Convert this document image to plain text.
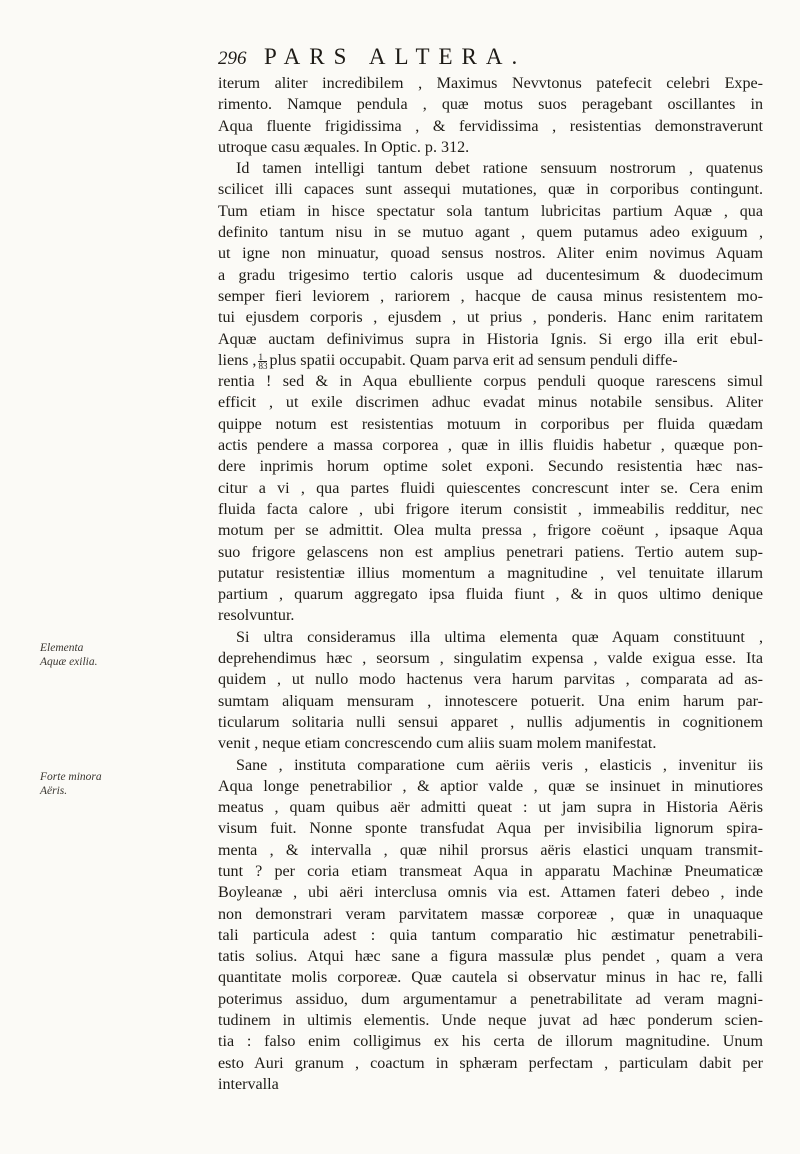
296 PARS ALTERA.
Elementa Aquæ exilia.
Forte minora Aëris.
iterum aliter incredibilem , Maximus Nevvtonus patefecit celebri Expe-
rimento. Namque pendula , quæ motus suos peragebant oscillantes in
Aqua fluente frigidissima , & fervidissima , resistentias demonstraverunt
utroque casu æquales. In Optic. p. 312.
Id tamen intelligi tantum debet ratione sensuum nostrorum , quatenus
scilicet illi capaces sunt assequi mutationes, quæ in corporibus contingunt.
Tum etiam in hisce spectatur sola tantum lubricitas partium Aquæ , qua
definito tantum nisu in se mutuo agant , quem putamus adeo exiguum ,
ut igne non minuatur, quoad sensus nostros. Aliter enim novimus Aquam
a gradu trigesimo tertio caloris usque ad ducentesimum & duodecimum
semper fieri leviorem , rariorem , hacque de causa minus resistentem mo-
tui ejusdem corporis , ejusdem , ut prius , ponderis. Hanc enim raritatem
Aquæ auctam definivimus supra in Historia Ignis. Si ergo illa erit ebul-
liens , $\frac{1}{83}$ plus spatii occupabit. Quam parva erit ad sensum penduli diffe-
rentia ! sed & in Aqua ebulliente corpus penduli quoque rarescens simul
efficit , ut exile discrimen adhuc evadat minus notabile sensibus. Aliter
quippe notum est resistentias motuum in corporibus per fluida quædam
actis pendere a massa corporea , quæ in illis fluidis habetur , quæque pon-
dere inprimis horum optime solet exponi. Secundo resistentia hæc nas-
citur a vi , qua partes fluidi quiescentes concrescunt inter se. Cera enim
fluida facta calore , ubi frigore iterum consistit , immeabilis redditur, nec
motum per se admittit. Olea multa pressa , frigore coëunt , ipsaque Aqua
suo frigore gelascens non est amplius penetrari patiens. Tertio autem sup-
putatur resistentiæ illius momentum a magnitudine , vel tenuitate illarum
partium , quarum aggregato ipsa fluida fiunt , & in quos ultimo denique
resolvuntur.
Si ultra consideramus illa ultima elementa quæ Aquam constituunt ,
deprehendimus hæc , seorsum , singulatim expensa , valde exigua esse. Ita
quidem , ut nullo modo hactenus vera harum parvitas , comparata ad as-
sumtam aliquam mensuram , innotescere potuerit. Una enim harum par-
ticularum solitaria nulli sensui apparet , nullis adjumentis in cognitionem
venit , neque etiam concrescendo cum aliis suam molem manifestat.
Sane , instituta comparatione cum aëriis veris , elasticis , invenitur iis
Aqua longe penetrabilior , & aptior valde , quæ se insinuet in minutiores
meatus , quam quibus aër admitti queat : ut jam supra in Historia Aëris
visum fuit. Nonne sponte transfudat Aqua per invisibilia lignorum spira-
menta , & intervalla , quæ nihil prorsus aëris elastici unquam transmit-
tunt ? per coria etiam transmeat Aqua in apparatu Machinæ Pneumaticæ
Boyleanæ , ubi aëri interclusa omnis via est. Attamen fateri debeo , inde
non demonstrari veram parvitatem massæ corporeæ , quæ in unaquaque
tali particula adest : quia tantum comparatio hic æstimatur penetrabili-
tatis solius. Atqui hæc sane a figura massulæ plus pendet , quam a vera
quantitate molis corporeæ. Quæ cautela si observatur minus in hac re, falli
poterimus assiduo, dum argumentamur a penetrabilitate ad veram magni-
tudinem in ultimis elementis. Unde neque juvat ad hæc ponderum scien-
tia : falso enim colligimus ex his certa de illorum magnitudine. Unum
esto Auri granum , coactum in sphæram perfectam , particulam dabit per
intervalla
